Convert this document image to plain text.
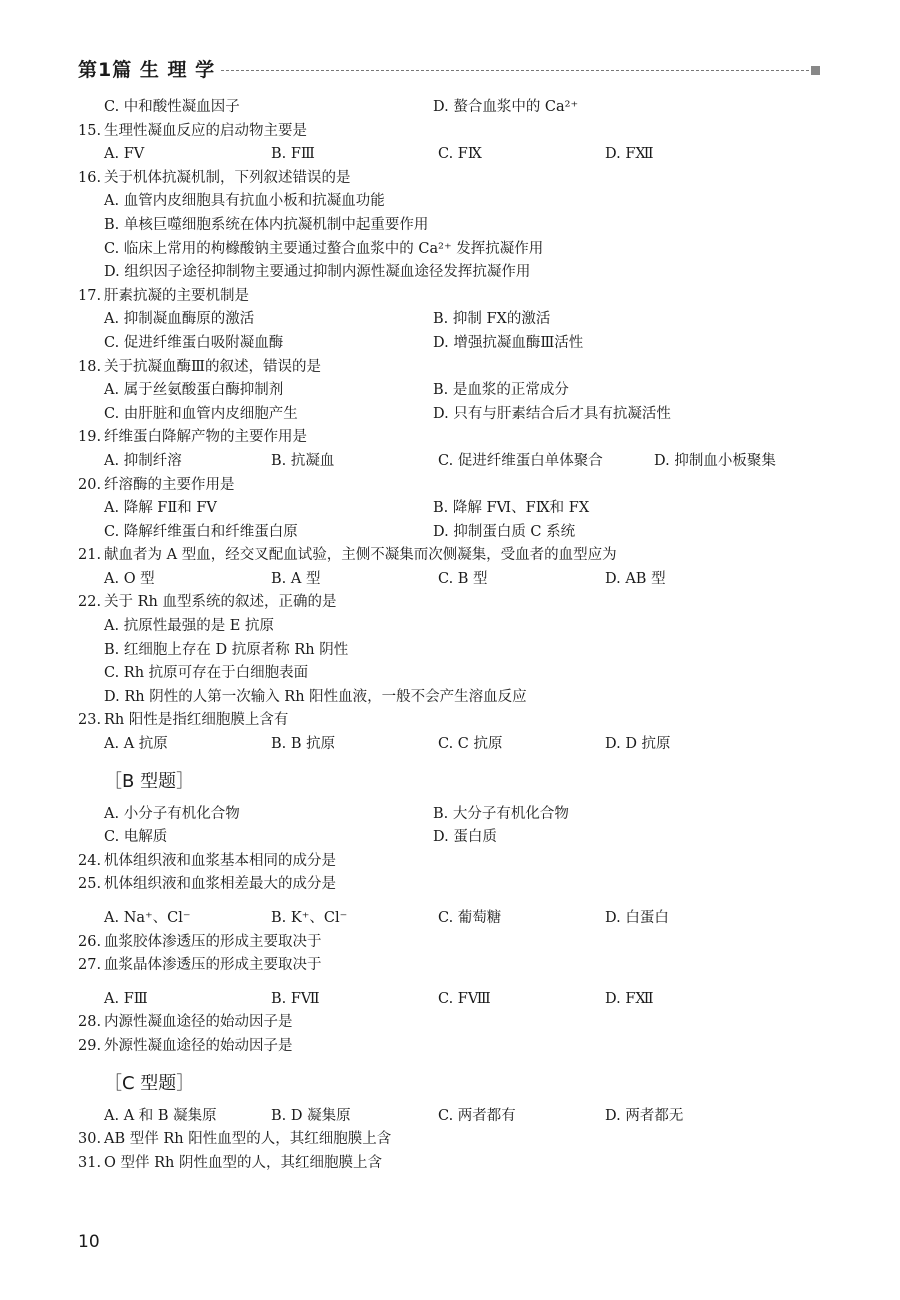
第1篇 生 理 学
C. 中和酸性凝血因子	D. 螯合血浆中的 Ca²⁺
15. 生理性凝血反应的启动物主要是
A. FⅤ	B. FⅢ	C. FⅨ	D. FⅫ
16. 关于机体抗凝机制，下列叙述错误的是
A. 血管内皮细胞具有抗血小板和抗凝血功能
B. 单核巨噬细胞系统在体内抗凝机制中起重要作用
C. 临床上常用的枸橼酸钠主要通过螯合血浆中的 Ca²⁺ 发挥抗凝作用
D. 组织因子途径抑制物主要通过抑制内源性凝血途径发挥抗凝作用
17. 肝素抗凝的主要机制是
A. 抑制凝血酶原的激活	B. 抑制 FⅩ的激活
C. 促进纤维蛋白吸附凝血酶	D. 增强抗凝血酶Ⅲ活性
18. 关于抗凝血酶Ⅲ的叙述，错误的是
A. 属于丝氨酸蛋白酶抑制剂	B. 是血浆的正常成分
C. 由肝脏和血管内皮细胞产生	D. 只有与肝素结合后才具有抗凝活性
19. 纤维蛋白降解产物的主要作用是
A. 抑制纤溶	B. 抗凝血	C. 促进纤维蛋白单体聚合	D. 抑制血小板聚集
20. 纤溶酶的主要作用是
A. 降解 FⅡ和 FⅤ	B. 降解 FⅥ、FⅨ和 FⅩ
C. 降解纤维蛋白和纤维蛋白原	D. 抑制蛋白质 C 系统
21. 献血者为 A 型血，经交叉配血试验，主侧不凝集而次侧凝集，受血者的血型应为
A. O 型	B. A 型	C. B 型	D. AB 型
22. 关于 Rh 血型系统的叙述，正确的是
A. 抗原性最强的是 E 抗原
B. 红细胞上存在 D 抗原者称 Rh 阴性
C. Rh 抗原可存在于白细胞表面
D. Rh 阴性的人第一次输入 Rh 阳性血液，一般不会产生溶血反应
23. Rh 阳性是指红细胞膜上含有
A. A 抗原	B. B 抗原	C. C 抗原	D. D 抗原
［B 型题］
A. 小分子有机化合物	B. 大分子有机化合物
C. 电解质	D. 蛋白质
24. 机体组织液和血浆基本相同的成分是
25. 机体组织液和血浆相差最大的成分是
A. Na⁺、Cl⁻	B. K⁺、Cl⁻	C. 葡萄糖	D. 白蛋白
26. 血浆胶体渗透压的形成主要取决于
27. 血浆晶体渗透压的形成主要取决于
A. FⅢ	B. FⅦ	C. FⅧ	D. FⅫ
28. 内源性凝血途径的始动因子是
29. 外源性凝血途径的始动因子是
［C 型题］
A. A 和 B 凝集原	B. D 凝集原	C. 两者都有	D. 两者都无
30. AB 型伴 Rh 阳性血型的人，其红细胞膜上含
31. O 型伴 Rh 阴性血型的人，其红细胞膜上含
10
